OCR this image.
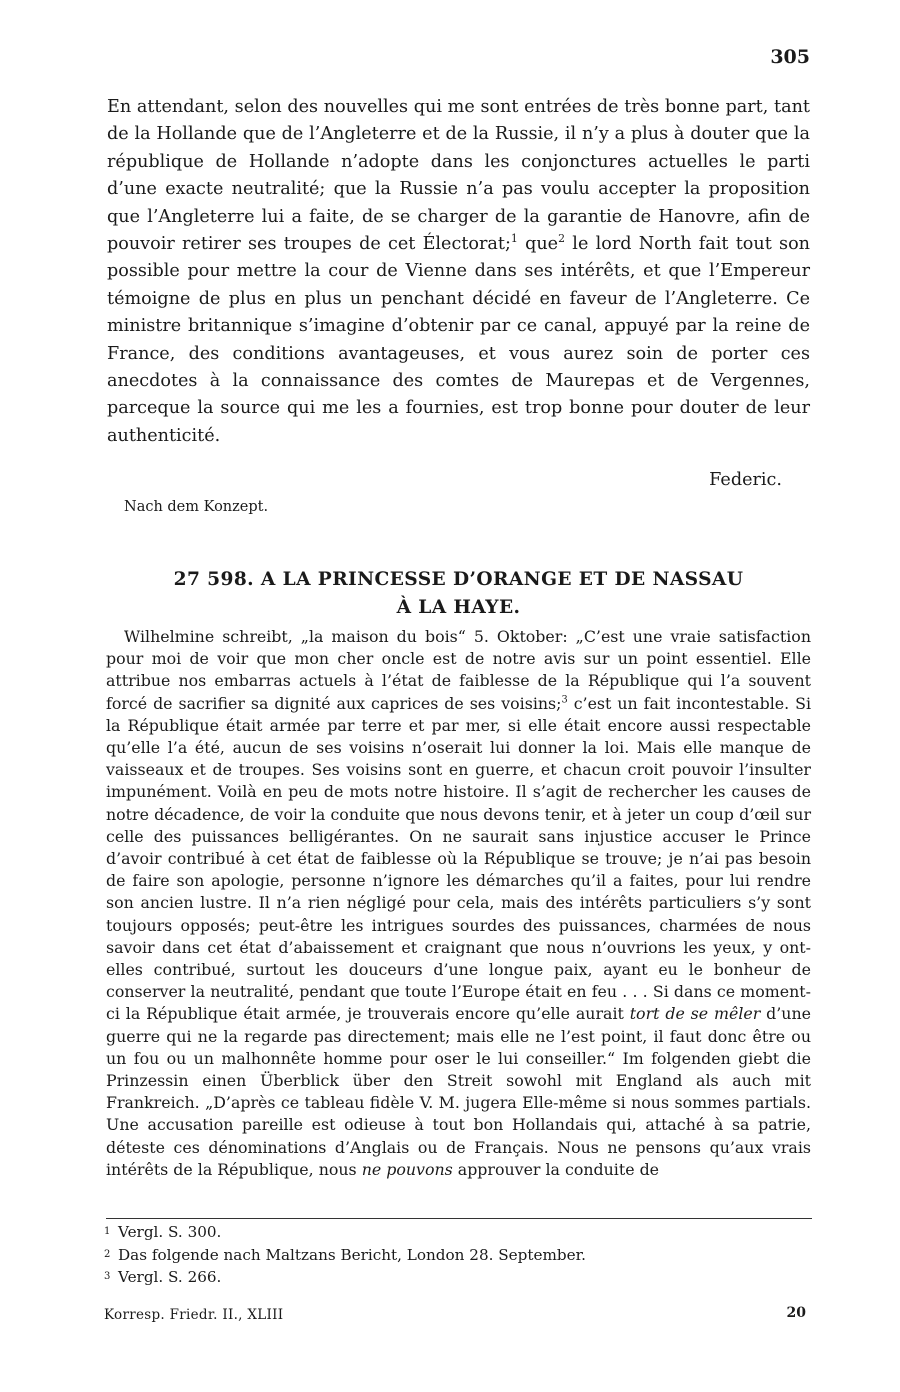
305

En attendant, selon des nouvelles qui me sont entrées de très bonne part, tant de la Hollande que de l’Angleterre et de la Russie, il n’y a plus à douter que la république de Hollande n’adopte dans les conjonctures actuelles le parti d’une exacte neutralité; que la Russie n’a pas voulu accepter la proposition que l’Angleterre lui a faite, de se charger de la garantie de Hanovre, afin de pouvoir retirer ses troupes de cet Électorat;$^1$ que$^2$ le lord North fait tout son possible pour mettre la cour de Vienne dans ses intérêts, et que l’Empereur témoigne de plus en plus un penchant décidé en faveur de l’Angleterre. Ce ministre britannique s’imagine d’obtenir par ce canal, appuyé par la reine de France, des conditions avantageuses, et vous aurez soin de porter ces anecdotes à la connaissance des comtes de Maurepas et de Vergennes, parceque la source qui me les a fournies, est trop bonne pour douter de leur authenticité.

Federic.
Nach dem Konzept.
27 598. A LA PRINCESSE D’ORANGE ET DE NASSAU
À LA HAYE.

Wilhelmine schreibt, „la maison du bois“ 5. Oktober: „C’est une vraie satisfaction pour moi de voir que mon cher oncle est de notre avis sur un point essentiel. Elle attribue nos embarras actuels à l’état de faiblesse de la République qui l’a souvent forcé de sacrifier sa dignité aux caprices de ses voisins;$^3$ c’est un fait incontestable. Si la République était armée par terre et par mer, si elle était encore aussi respectable qu’elle l’a été, aucun de ses voisins n’oserait lui donner la loi. Mais elle manque de vaisseaux et de troupes. Ses voisins sont en guerre, et chacun croit pouvoir l’insulter impunément. Voilà en peu de mots notre histoire. Il s’agit de rechercher les causes de notre décadence, de voir la conduite que nous devons tenir, et à jeter un coup d’œil sur celle des puissances belligérantes. On ne saurait sans injustice accuser le Prince d’avoir contribué à cet état de faiblesse où la République se trouve; je n’ai pas besoin de faire son apologie, personne n’ignore les démarches qu’il a faites, pour lui rendre son ancien lustre. Il n’a rien négligé pour cela, mais des intérêts particuliers s’y sont toujours opposés; peut-être les intrigues sourdes des puissances, charmées de nous savoir dans cet état d’abaissement et craignant que nous n’ouvrions les yeux, y ont-elles contribué, surtout les douceurs d’une longue paix, ayant eu le bonheur de conserver la neutralité, pendant que toute l’Europe était en feu . . . Si dans ce moment-ci la République était armée, je trouverais encore qu’elle aurait tort de se mêler d’une guerre qui ne la regarde pas directement; mais elle ne l’est point, il faut donc être ou un fou ou un malhonnête homme pour oser le lui conseiller.“ Im folgenden giebt die Prinzessin einen Überblick über den Streit sowohl mit England als auch mit Frankreich. „D’après ce tableau fidèle V. M. jugera Elle-même si nous sommes partials. Une accusation pareille est odieuse à tout bon Hollandais qui, attaché à sa patrie, déteste ces dénominations d’Anglais ou de Français. Nous ne pensons qu’aux vrais intérêts de la République, nous ne pouvons approuver la conduite de

1 Vergl. S. 300.
2 Das folgende nach Maltzans Bericht, London 28. September.
3 Vergl. S. 266.
Korresp. Friedr. II., XLIII	20
